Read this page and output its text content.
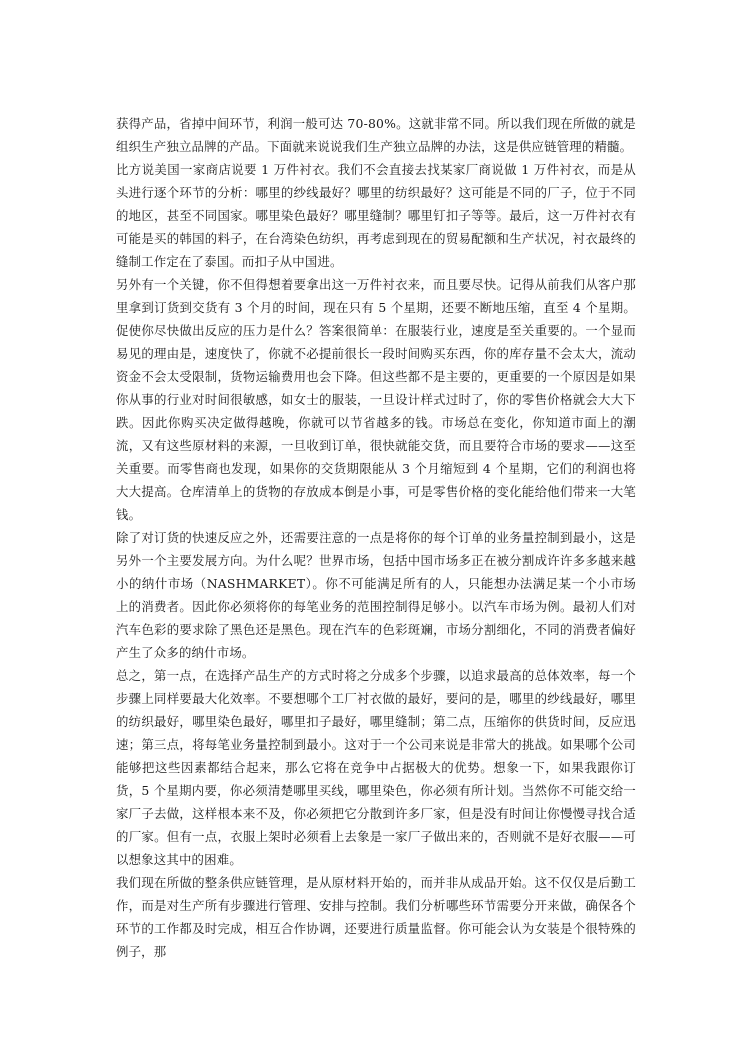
获得产品，省掉中间环节，利润一般可达 70-80%。这就非常不同。所以我们现在所做的就是组织生产独立品牌的产品。下面就来说说我们生产独立品牌的办法，这是供应链管理的精髓。

比方说美国一家商店说要 1 万件衬衣。我们不会直接去找某家厂商说做 1 万件衬衣，而是从头进行逐个环节的分析：哪里的纱线最好？哪里的纺织最好？这可能是不同的厂子，位于不同的地区，甚至不同国家。哪里染色最好？哪里缝制？哪里钉扣子等等。最后，这一万件衬衣有可能是买的韩国的料子，在台湾染色纺织，再考虑到现在的贸易配额和生产状况，衬衣最终的缝制工作定在了泰国。而扣子从中国进。

另外有一个关键，你不但得想着要拿出这一万件衬衣来，而且要尽快。记得从前我们从客户那里拿到订货到交货有 3 个月的时间，现在只有 5 个星期，还要不断地压缩，直至 4 个星期。促使你尽快做出反应的压力是什么？答案很简单：在服装行业，速度是至关重要的。一个显而易见的理由是，速度快了，你就不必提前很长一段时间购买东西，你的库存量不会太大，流动资金不会太受限制，货物运输费用也会下降。但这些都不是主要的，更重要的一个原因是如果你从事的行业对时间很敏感，如女士的服装，一旦设计样式过时了，你的零售价格就会大大下跌。因此你购买决定做得越晚，你就可以节省越多的钱。市场总在变化，你知道市面上的潮流，又有这些原材料的来源，一旦收到订单，很快就能交货，而且要符合市场的要求——这至关重要。而零售商也发现，如果你的交货期限能从 3 个月缩短到 4 个星期，它们的利润也将大大提高。仓库清单上的货物的存放成本倒是小事，可是零售价格的变化能给他们带来一大笔钱。

除了对订货的快速反应之外，还需要注意的一点是将你的每个订单的业务量控制到最小，这是另外一个主要发展方向。为什么呢？世界市场，包括中国市场多正在被分割成许许多多越来越小的纳什市场（NASHMARKET）。你不可能满足所有的人，只能想办法满足某一个小市场上的消费者。因此你必须将你的每笔业务的范围控制得足够小。以汽车市场为例。最初人们对汽车色彩的要求除了黑色还是黑色。现在汽车的色彩斑斓，市场分割细化，不同的消费者偏好产生了众多的纳什市场。

总之，第一点，在选择产品生产的方式时将之分成多个步骤，以追求最高的总体效率，每一个步骤上同样要最大化效率。不要想哪个工厂衬衣做的最好，要问的是，哪里的纱线最好，哪里的纺织最好，哪里染色最好，哪里扣子最好，哪里缝制；第二点，压缩你的供货时间，反应迅速；第三点，将每笔业务量控制到最小。这对于一个公司来说是非常大的挑战。如果哪个公司能够把这些因素都结合起来，那么它将在竞争中占据极大的优势。想象一下，如果我跟你订货，5 个星期内要，你必须清楚哪里买线，哪里染色，你必须有所计划。当然你不可能交给一家厂子去做，这样根本来不及，你必须把它分散到许多厂家，但是没有时间让你慢慢寻找合适的厂家。但有一点，衣服上架时必须看上去象是一家厂子做出来的，否则就不是好衣服——可以想象这其中的困难。

我们现在所做的整条供应链管理，是从原材料开始的，而并非从成品开始。这不仅仅是后勤工作，而是对生产所有步骤进行管理、安排与控制。我们分析哪些环节需要分开来做，确保各个环节的工作都及时完成，相互合作协调，还要进行质量监督。你可能会认为女装是个很特殊的例子，那
